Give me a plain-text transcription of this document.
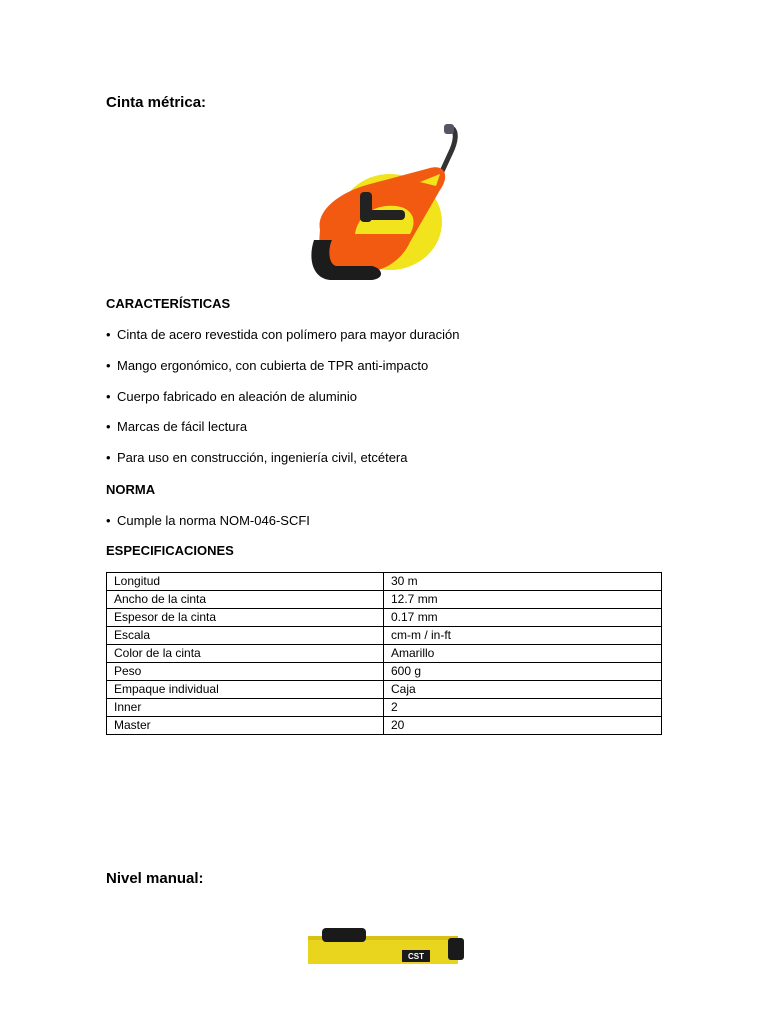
Cinta métrica:
CARACTERÍSTICAS
• Cinta de acero revestida con polímero para mayor duración
• Mango ergonómico, con cubierta de TPR anti-impacto
• Cuerpo fabricado en aleación de aluminio
• Marcas de fácil lectura
• Para uso en construcción, ingeniería civil, etcétera
NORMA
• Cumple la norma NOM-046-SCFI
ESPECIFICACIONES
Longitud	30 m
Ancho de la cinta	12.7 mm
Espesor de la cinta	0.17 mm
Escala	cm-m / in-ft
Color de la cinta	Amarillo
Peso	600 g
Empaque individual	Caja
Inner	2
Master	20
Nivel manual:
CST
